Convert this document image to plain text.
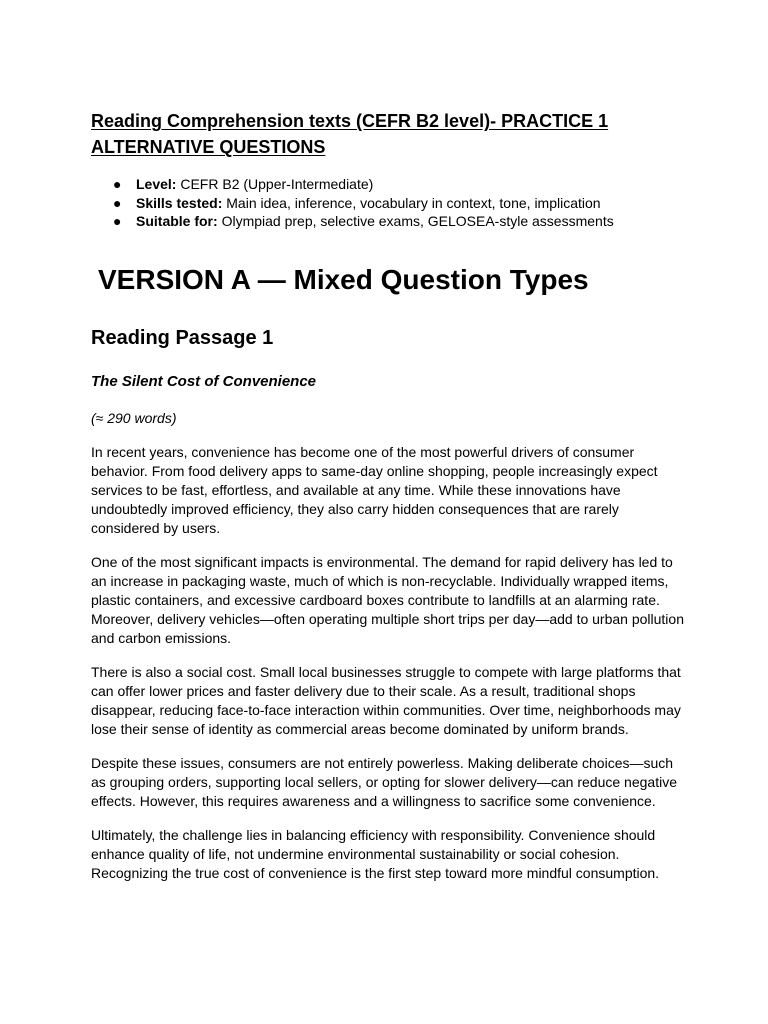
Reading Comprehension texts (CEFR B2 level)- PRACTICE 1
ALTERNATIVE QUESTIONS
● Level: CEFR B2 (Upper-Intermediate)
● Skills tested: Main idea, inference, vocabulary in context, tone, implication
● Suitable for: Olympiad prep, selective exams, GELOSEA-style assessments
VERSION A — Mixed Question Types
Reading Passage 1
The Silent Cost of Convenience

(≈ 290 words)

In recent years, convenience has become one of the most powerful drivers of consumer
behavior. From food delivery apps to same-day online shopping, people increasingly expect
services to be fast, effortless, and available at any time. While these innovations have
undoubtedly improved efficiency, they also carry hidden consequences that are rarely
considered by users.

One of the most significant impacts is environmental. The demand for rapid delivery has led to
an increase in packaging waste, much of which is non-recyclable. Individually wrapped items,
plastic containers, and excessive cardboard boxes contribute to landfills at an alarming rate.
Moreover, delivery vehicles—often operating multiple short trips per day—add to urban pollution
and carbon emissions.

There is also a social cost. Small local businesses struggle to compete with large platforms that
can offer lower prices and faster delivery due to their scale. As a result, traditional shops
disappear, reducing face-to-face interaction within communities. Over time, neighborhoods may
lose their sense of identity as commercial areas become dominated by uniform brands.

Despite these issues, consumers are not entirely powerless. Making deliberate choices—such
as grouping orders, supporting local sellers, or opting for slower delivery—can reduce negative
effects. However, this requires awareness and a willingness to sacrifice some convenience.

Ultimately, the challenge lies in balancing efficiency with responsibility. Convenience should
enhance quality of life, not undermine environmental sustainability or social cohesion.
Recognizing the true cost of convenience is the first step toward more mindful consumption.
